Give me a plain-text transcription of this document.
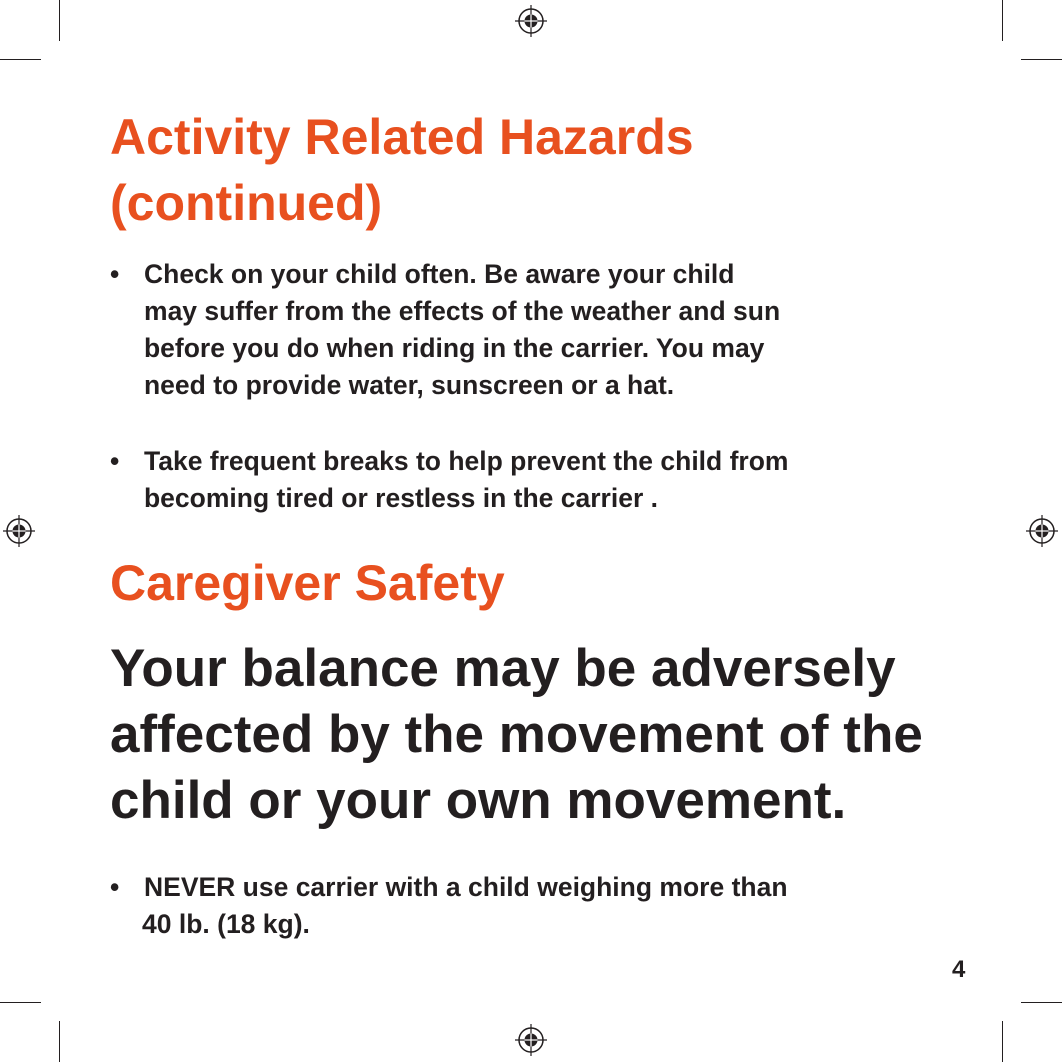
Activity Related Hazards
(continued)
• Check on your child often. Be aware your child
may suffer from the effects of the weather and sun
before you do when riding in the carrier. You may
need to provide water, sunscreen or a hat.
• Take frequent breaks to help prevent the child from
becoming tired or restless in the carrier .
Caregiver Safety

Your balance may be adversely
affected by the movement of the
child or your own movement.

• NEVER use carrier with a child weighing more than
40 lb. (18 kg).
4
